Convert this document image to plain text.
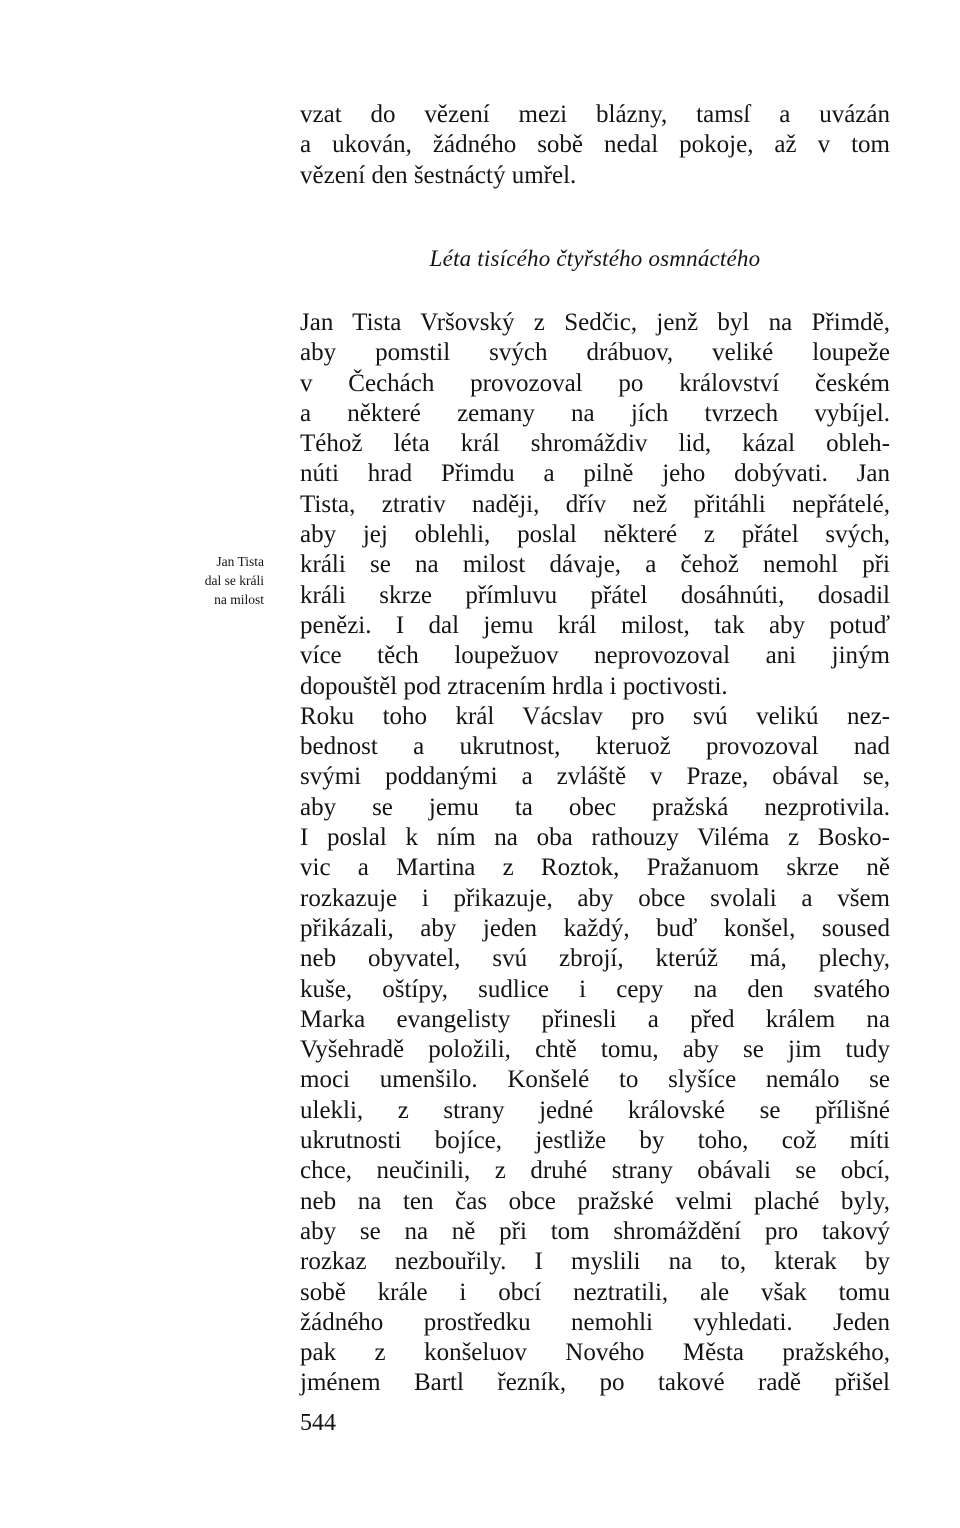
vzat do vězení mezi blázny, tamsſ a uvázán
a ukován, žádného sobě nedal pokoje, až v tom
vězení den šestnáctý umřel.
Léta tisícého čtyřstého osmnáctého
Jan Tista
dal se králi
na milost
Jan Tista Vršovský z Sedčic, jenž byl na Přimdě,
aby pomstil svých drábuov, veliké loupeže
v Čechách provozoval po království českém
a některé zemany na jích tvrzech vybíjel.
Téhož léta král shromáždiv lid, kázal obleh-
núti hrad Přimdu a pilně jeho dobývati. Jan
Tista, ztrativ naději, dřív než přitáhli nepřátelé,
aby jej oblehli, poslal některé z přátel svých,
králi se na milost dávaje, a čehož nemohl při
králi skrze přímluvu přátel dosáhnúti, dosadil
penězi. I dal jemu král milost, tak aby potuď
více těch loupežuov neprovozoval ani jiným
dopouštěl pod ztracením hrdla i poctivosti.
Roku toho král Vácslav pro svú velikú nez-
bednost a ukrutnost, kteruož provozoval nad
svými poddanými a zvláště v Praze, obával se,
aby se jemu ta obec pražská nezprotivila.
I poslal k ním na oba rathouzy Viléma z Bosko-
vic a Martina z Roztok, Pražanuom skrze ně
rozkazuje i přikazuje, aby obce svolali a všem
přikázali, aby jeden každý, buď konšel, soused
neb obyvatel, svú zbrojí, kterúž má, plechy,
kuše, oštípy, sudlice i cepy na den svatého
Marka evangelisty přinesli a před králem na
Vyšehradě položili, chtě tomu, aby se jim tudy
moci umenšilo. Konšelé to slyšíce nemálo se
ulekli, z strany jedné královské se přílišné
ukrutnosti bojíce, jestliže by toho, což míti
chce, neučinili, z druhé strany obávali se obcí,
neb na ten čas obce pražské velmi plaché byly,
aby se na ně při tom shromáždění pro takový
rozkaz nezbouřily. I myslili na to, kterak by
sobě krále i obcí neztratili, ale však tomu
žádného prostředku nemohli vyhledati. Jeden
pak z konšeluov Nového Města pražského,
jménem Bartl řezník, po takové radě přišel
544
